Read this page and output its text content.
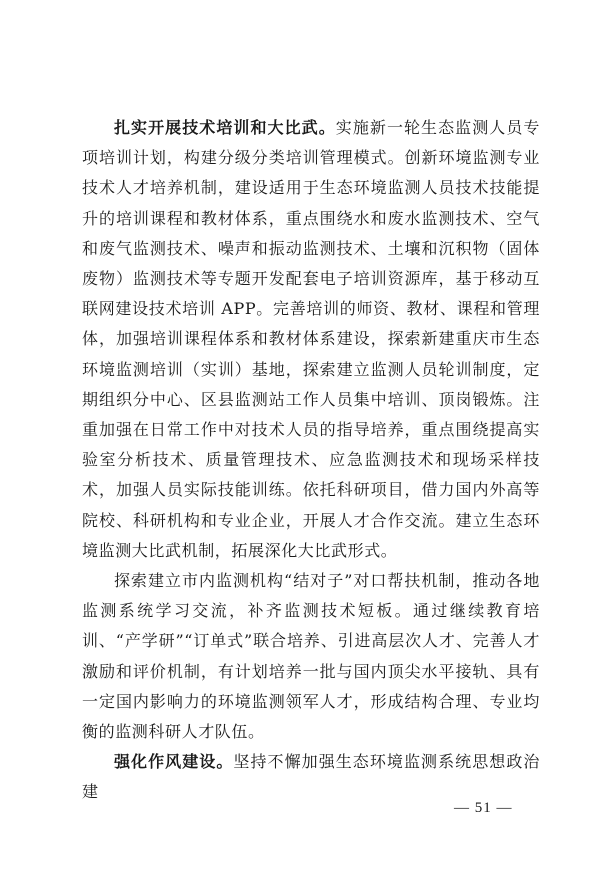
扎实开展技术培训和大比武。实施新一轮生态监测人员专项培训计划，构建分级分类培训管理模式。创新环境监测专业技术人才培养机制，建设适用于生态环境监测人员技术技能提升的培训课程和教材体系，重点围绕水和废水监测技术、空气和废气监测技术、噪声和振动监测技术、土壤和沉积物（固体废物）监测技术等专题开发配套电子培训资源库，基于移动互联网建设技术培训 APP。完善培训的师资、教材、课程和管理体，加强培训课程体系和教材体系建设，探索新建重庆市生态环境监测培训（实训）基地，探索建立监测人员轮训制度，定期组织分中心、区县监测站工作人员集中培训、顶岗锻炼。注重加强在日常工作中对技术人员的指导培养，重点围绕提高实验室分析技术、质量管理技术、应急监测技术和现场采样技术，加强人员实际技能训练。依托科研项目，借力国内外高等院校、科研机构和专业企业，开展人才合作交流。建立生态环境监测大比武机制，拓展深化大比武形式。

探索建立市内监测机构“结对子”对口帮扶机制，推动各地监测系统学习交流，补齐监测技术短板。通过继续教育培训、“产学研”“订单式”联合培养、引进高层次人才、完善人才激励和评价机制，有计划培养一批与国内顶尖水平接轨、具有一定国内影响力的环境监测领军人才，形成结构合理、专业均衡的监测科研人才队伍。

强化作风建设。坚持不懈加强生态环境监测系统思想政治建

— 51 —
